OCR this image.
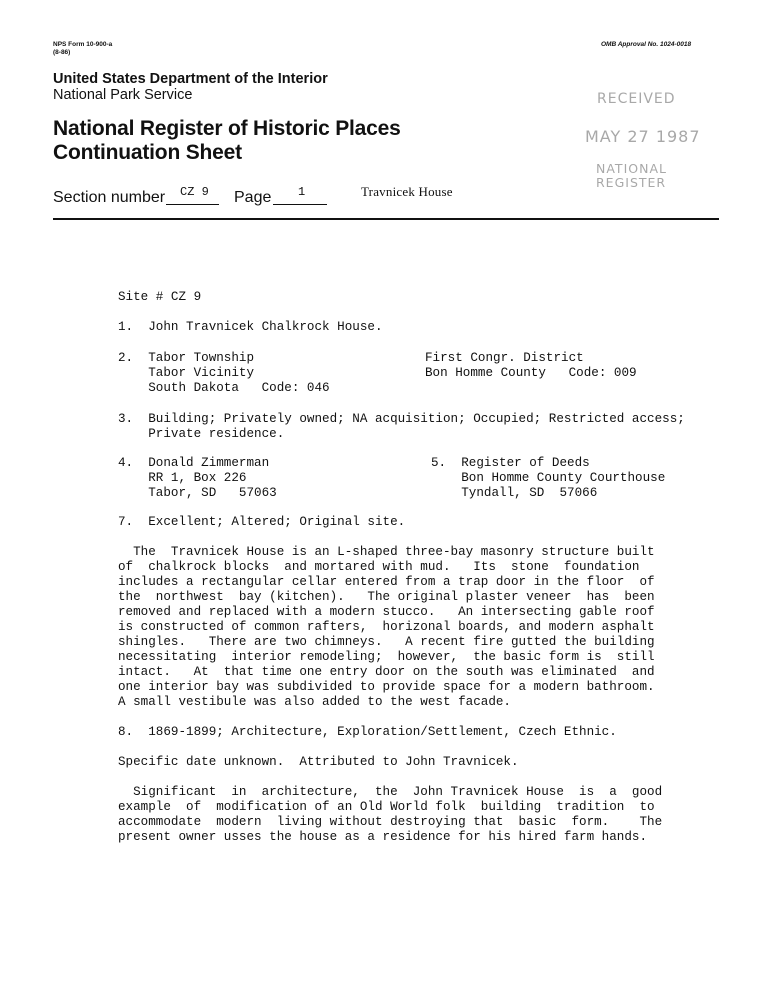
NPS Form 10-900-a
(8-86)
OMB Approval No. 1024-0018
United States Department of the Interior
National Park Service
National Register of Historic Places
Continuation Sheet
Section number CZ 9 Page 1	Travnicek House
RECEIVED
MAY 27 1987
NATIONAL
REGISTER
Site # CZ 9
1.  John Travnicek Chalkrock House.
2.  Tabor Township
Tabor Vicinity
South Dakota   Code: 046
First Congr. District
Bon Homme County   Code: 009
3.  Building; Privately owned; NA acquisition; Occupied; Restricted access;
Private residence.
4.  Donald Zimmerman
RR 1, Box 226
Tabor, SD   57063
5.  Register of Deeds
Bon Homme County Courthouse
Tyndall, SD  57066
7.  Excellent; Altered; Original site.
The  Travnicek House is an L-shaped three-bay masonry structure built
of  chalkrock blocks  and mortared with mud.   Its  stone  foundation
includes a rectangular cellar entered from a trap door in the floor  of
the  northwest  bay (kitchen).   The original plaster veneer  has  been
removed and replaced with a modern stucco.   An intersecting gable roof
is constructed of common rafters,  horizonal boards, and modern asphalt
shingles.   There are two chimneys.   A recent fire gutted the building
necessitating  interior remodeling;  however,  the basic form is  still
intact.   At  that time one entry door on the south was eliminated  and
one interior bay was subdivided to provide space for a modern bathroom.
A small vestibule was also added to the west facade.
8.  1869-1899; Architecture, Exploration/Settlement, Czech Ethnic.
Specific date unknown.  Attributed to John Travnicek.
Significant  in  architecture,  the  John Travnicek House  is  a  good
example  of  modification of an Old World folk  building  tradition  to
accommodate  modern  living without destroying that  basic  form.    The
present owner usses the house as a residence for his hired farm hands.
